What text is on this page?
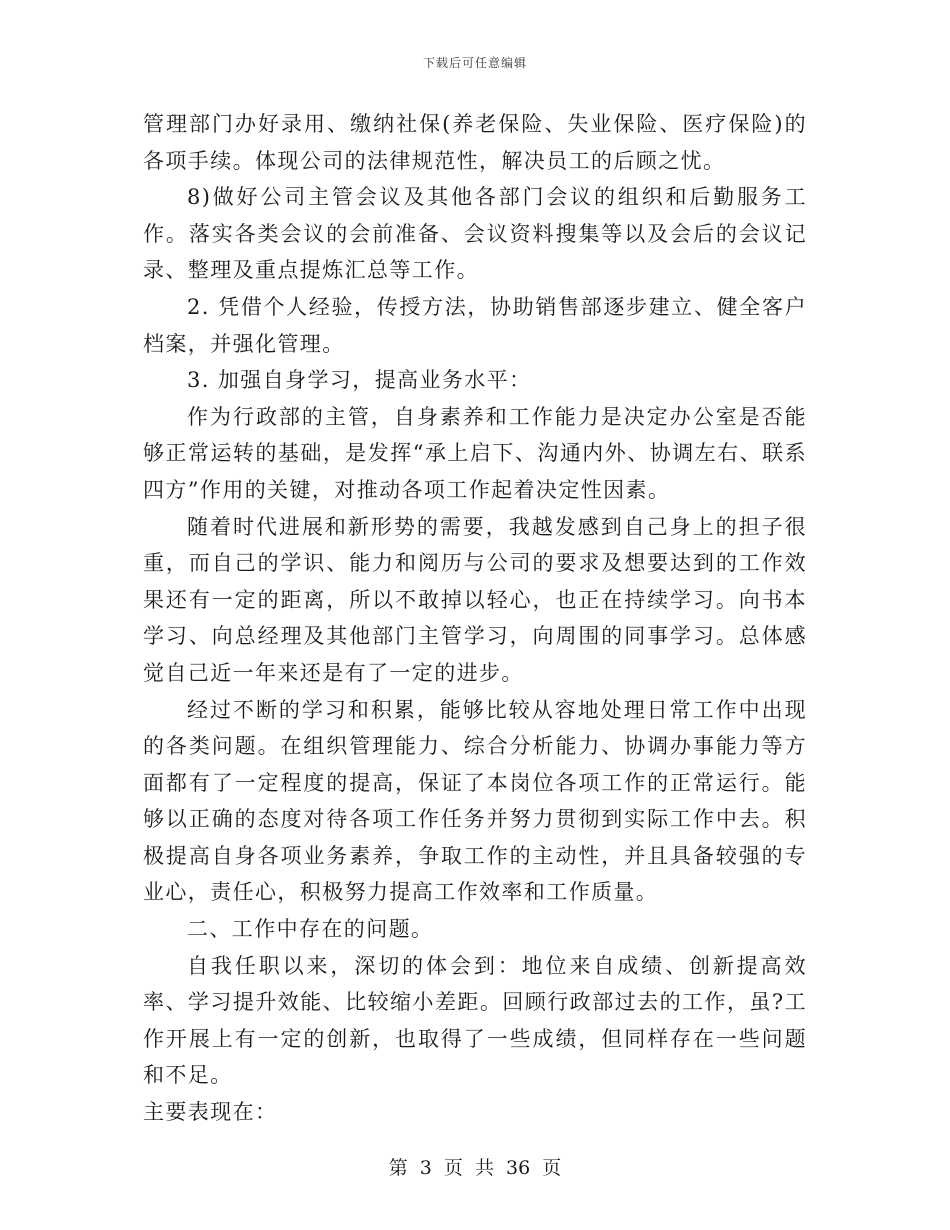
下载后可任意编辑

管理部门办好录用、缴纳社保(养老保险、失业保险、医疗保险)的各项手续。体现公司的法律规范性，解决员工的后顾之忧。

8)做好公司主管会议及其他各部门会议的组织和后勤服务工作。落实各类会议的会前准备、会议资料搜集等以及会后的会议记录、整理及重点提炼汇总等工作。

2. 凭借个人经验，传授方法，协助销售部逐步建立、健全客户档案，并强化管理。

3. 加强自身学习，提高业务水平：

作为行政部的主管，自身素养和工作能力是决定办公室是否能够正常运转的基础，是发挥“承上启下、沟通内外、协调左右、联系四方”作用的关键，对推动各项工作起着决定性因素。

随着时代进展和新形势的需要，我越发感到自己身上的担子很重，而自己的学识、能力和阅历与公司的要求及想要达到的工作效果还有一定的距离，所以不敢掉以轻心，也正在持续学习。向书本学习、向总经理及其他部门主管学习，向周围的同事学习。总体感觉自己近一年来还是有了一定的进步。

经过不断的学习和积累，能够比较从容地处理日常工作中出现的各类问题。在组织管理能力、综合分析能力、协调办事能力等方面都有了一定程度的提高，保证了本岗位各项工作的正常运行。能够以正确的态度对待各项工作任务并努力贯彻到实际工作中去。积极提高自身各项业务素养，争取工作的主动性，并且具备较强的专业心，责任心，积极努力提高工作效率和工作质量。

二、工作中存在的问题。

自我任职以来，深切的体会到：地位来自成绩、创新提高效率、学习提升效能、比较缩小差距。回顾行政部过去的工作，虽?工作开展上有一定的创新，也取得了一些成绩，但同样存在一些问题和不足。

主要表现在：

第 3 页 共 36 页
